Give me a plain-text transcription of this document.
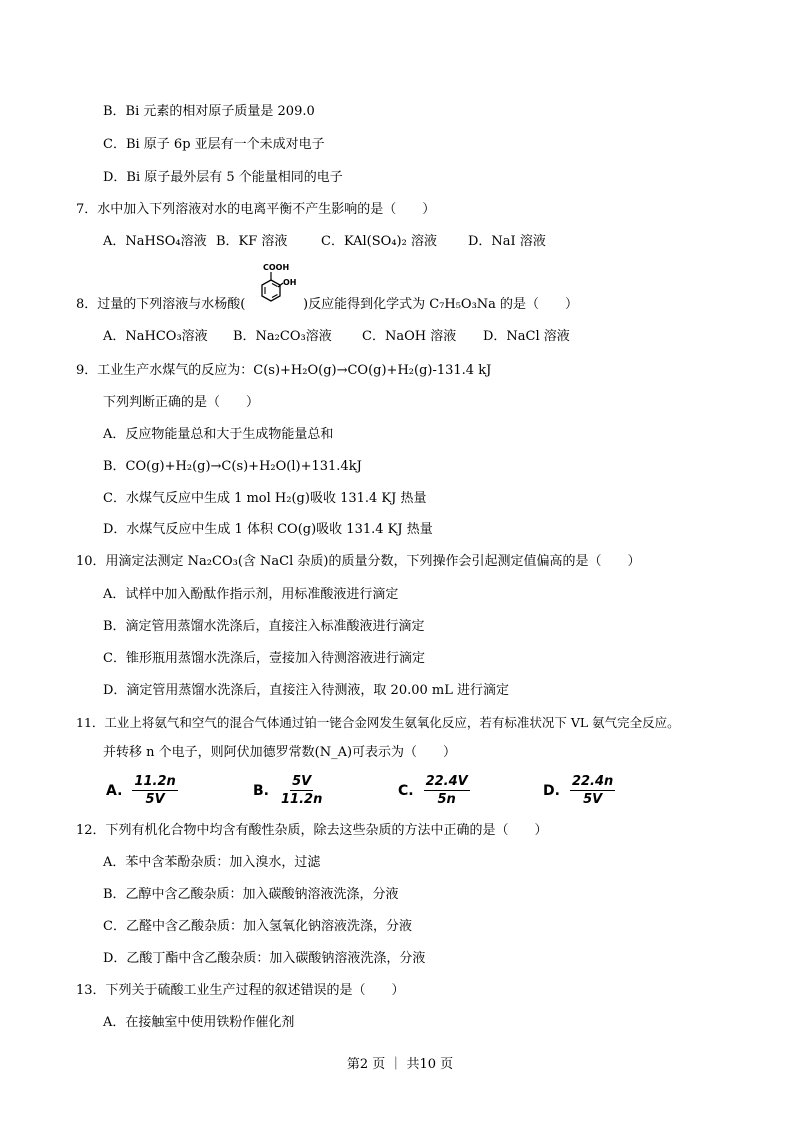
B．Bi 元素的相对原子质量是 209.0
C．Bi 原子 6p 亚层有一个未成对电子
D．Bi 原子最外层有 5 个能量相同的电子
7．水中加入下列溶液对水的电离平衡不产生影响的是（　　）
A．NaHSO₄溶液 B．KF 溶液	C．KAl(SO₄)₂ 溶液 D．NaI 溶液
COOH
OH
8．过量的下列溶液与水杨酸(	)反应能得到化学式为 C₇H₅O₃Na 的是（　　）
A．NaHCO₃溶液 B．Na₂CO₃溶液 C．NaOH 溶液 D．NaCl 溶液
9．工业生产水煤气的反应为：C(s)+H₂O(g)→CO(g)+H₂(g)-131.4 kJ
下列判断正确的是（　　）
A．反应物能量总和大于生成物能量总和
B．CO(g)+H₂(g)→C(s)+H₂O(l)+131.4kJ
C．水煤气反应中生成 1 mol H₂(g)吸收 131.4 KJ 热量
D．水煤气反应中生成 1 体积 CO(g)吸收 131.4 KJ 热量
10．用滴定法测定 Na₂CO₃(含 NaCl 杂质)的质量分数，下列操作会引起测定值偏高的是（　　）
A．试样中加入酚酞作指示剂，用标准酸液进行滴定
B．滴定管用蒸馏水洗涤后，直接注入标准酸液进行滴定
C．锥形瓶用蒸馏水洗涤后，壹接加入待测溶液进行滴定
D．滴定管用蒸馏水洗涤后，直接注入待测液，取 20.00 mL 进行滴定
11．工业上将氨气和空气的混合气体通过铂一铑合金网发生氨氧化反应，若有标准状况下 VL 氨气完全反应。
并转移 n 个电子，则阿伏加德罗常数(N_A)可表示为（　　）
A. $\frac{11.2n}{5V}$	B. $\frac{5V}{11.2n}$	C. $\frac{22.4V}{5n}$	D. $\frac{22.4n}{5V}$
12．下列有机化合物中均含有酸性杂质，除去这些杂质的方法中正确的是（　　）
A．苯中含苯酚杂质：加入溴水，过滤
B．乙醇中含乙酸杂质：加入碳酸钠溶液洗涤，分液
C．乙醛中含乙酸杂质：加入氢氧化钠溶液洗涤，分液
D．乙酸丁酯中含乙酸杂质：加入碳酸钠溶液洗涤，分液
13．下列关于硫酸工业生产过程的叙述错误的是（　　）
A．在接触室中使用铁粉作催化剂
第2 页 ｜ 共10 页
